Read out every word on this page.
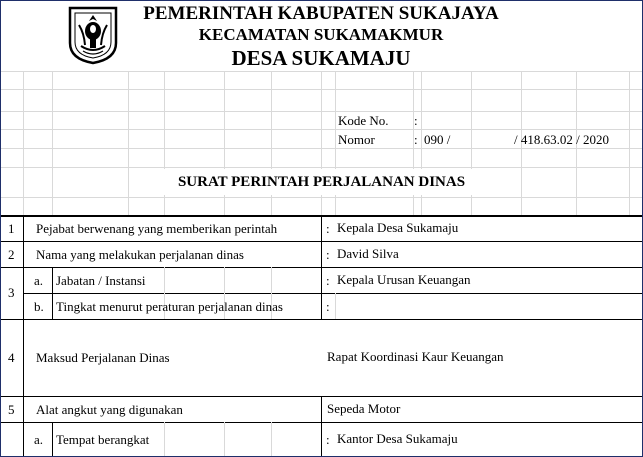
PEMERINTAH KABUPATEN SUKAJAYA
KECAMATAN SUKAMAKMUR
DESA SUKAMAJU
Kode No. :
Nomor	: 090 /	/ 418.63.02 / 2020
SURAT PERINTAH PERJALANAN DINAS
1 Pejabat berwenang yang memberikan perintah	: Kepala Desa Sukamaju
2 Nama yang melakukan perjalanan dinas	: David Silva
3
a. Jabatan / Instansi	: Kepala Urusan Keuangan
b. Tingkat menurut peraturan perjalanan dinas	:
4 Maksud Perjalanan Dinas	Rapat Koordinasi Kaur Keuangan
5 Alat angkut yang digunakan	Sepeda Motor
a. Tempat berangkat	: Kantor Desa Sukamaju
